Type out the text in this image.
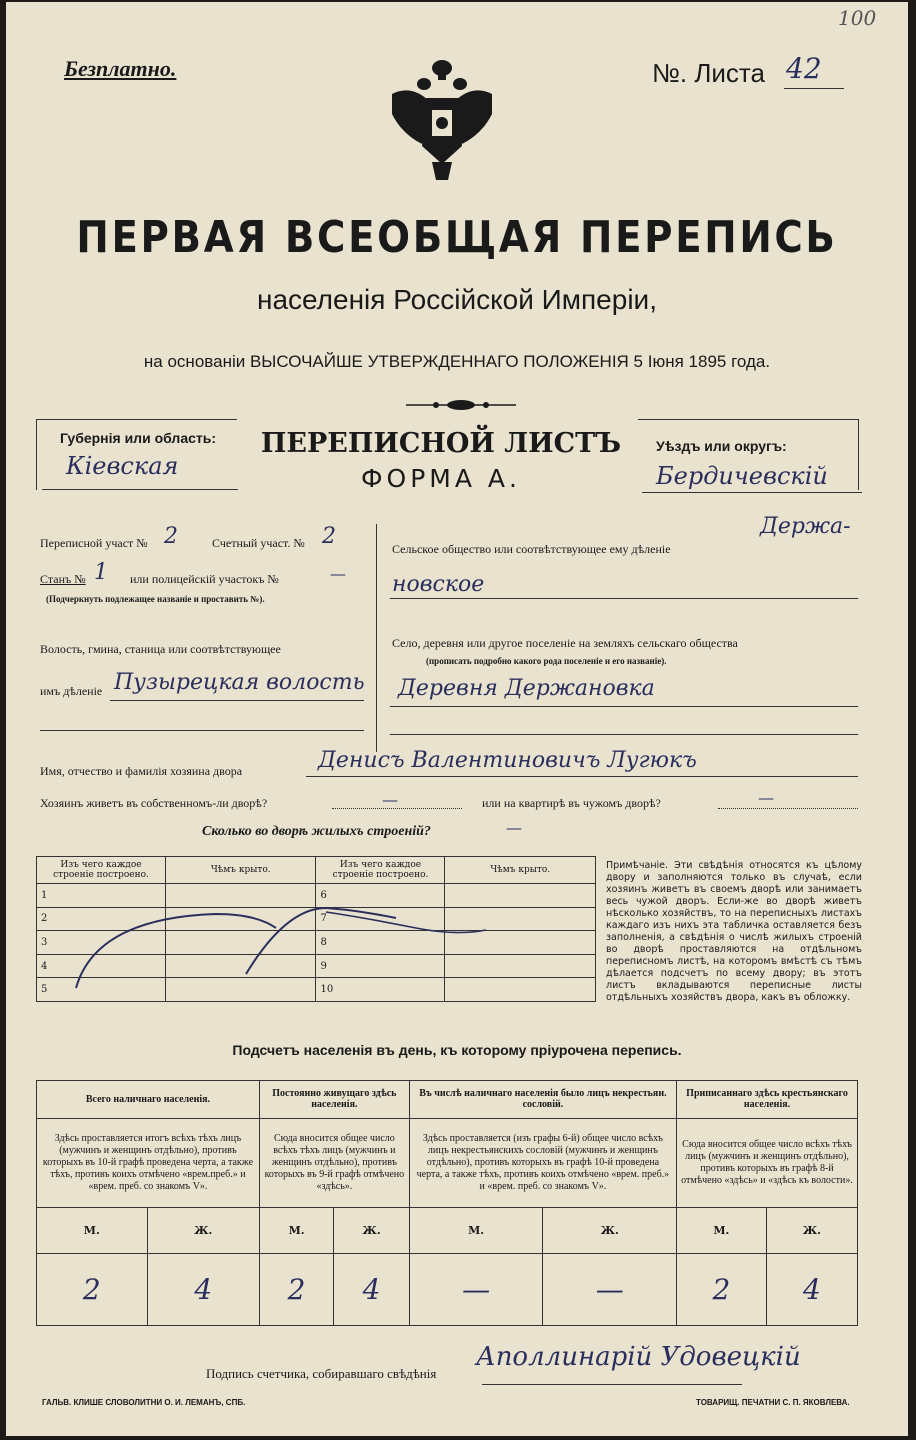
100
Безплатно.	№. Листа 42
ПЕРВАЯ ВСЕОБЩАЯ ПЕРЕПИСЬ
населенія Россійской Имперіи,
на основаніи ВЫСОЧАЙШЕ УТВЕРЖДЕННАГО ПОЛОЖЕНІЯ 5 Іюня 1895 года.
Губернія или область:
Кіевская
ПЕРЕПИСНОЙ ЛИСТЪ
ФОРМА А.
Уѣздъ или округъ:
Бердичевскій
Переписной участ № 2	Счетный участ. № 2
Станъ № 1 или полицейскій участокъ №	—
(Подчеркнуть подлежащее названіе и проставить №).
Волость, гмина, станица или соотвѣтствующее
имъ дѣленіе Пузырецкая волость
Сельское общество или соотвѣтствующее ему дѣленіе
Держа-
новское
Село, деревня или другое поселеніе на земляхъ сельскаго общества
(прописать подробно какого рода поселеніе и его названіе).
Деревня Держановка
Имя, отчество и фамилія хозяина двора	Денисъ Валентиновичъ Лугюкъ
Хозяинъ живетъ въ собственномъ-ли дворѣ?	—	или на квартирѣ въ чужомъ дворѣ?	—
Сколько во дворѣ жилыхъ строеній?	—
Изъ чего каждое строеніе построено.	Чѣмъ крыто.	Изъ чего каждое строеніе построено.	Чѣмъ крыто.
1		6	
2		7	
3		8	
4		9	
5		10	
Примѣчаніе. Эти свѣдѣнія относятся къ цѣлому двору и заполняются только въ случаѣ, если хозяинъ живетъ въ своемъ дворѣ или занимаетъ весь чужой дворъ. Если-же во дворѣ живетъ нѣсколько хозяйствъ, то на переписныхъ листахъ каждаго изъ нихъ эта табличка оставляется безъ заполненія, а свѣдѣнія о числѣ жилыхъ строеній во дворѣ проставляются на отдѣльномъ переписномъ листѣ, на которомъ вмѣстѣ съ тѣмъ дѣлается подсчетъ по всему двору; въ этотъ листъ вкладываются переписные листы отдѣльныхъ хозяйствъ двора, какъ въ обложку.
Подсчетъ населенія въ день, къ которому пріурочена перепись.
Всего наличнаго населенія.		Постоянно живущаго здѣсь населенія.		Въ числѣ наличнаго населенія было лицъ некрестьян. сословій.		Приписаннаго здѣсь крестьянскаго населенія.	
Здѣсь проставляется итогъ всѣхъ тѣхъ лицъ (мужчинъ и женщинъ отдѣльно), противъ которыхъ въ 10-й графѣ проведена черта, а также тѣхъ, противъ коихъ отмѣчено «врем.преб.» и «врем. преб. со знакомъ V».		Сюда вносится общее число всѣхъ тѣхъ лицъ (мужчинъ и женщинъ отдѣльно), противъ которыхъ въ 9-й графѣ отмѣчено «здѣсь».		Здѣсь проставляется (изъ графы 6-й) общее число всѣхъ лицъ некрестьянскихъ сословій (мужчинъ и женщинъ отдѣльно), противъ которыхъ въ графѣ 10-й проведена черта, а также тѣхъ, противъ коихъ отмѣчено «врем. преб.» и «врем. преб. со знакомъ V».		Сюда вносится общее число всѣхъ тѣхъ лицъ (мужчинъ и женщинъ отдѣльно), противъ которыхъ въ графѣ 8-й отмѣчено «здѣсь» и «здѣсь къ волости».	
М.	Ж.	М.	Ж.	М.	Ж.	М.	Ж.
2	4	2	4	—	—	2	4
Подпись счетчика, собиравшаго свѣдѣнія
Аполлинарій Удовецкій
ГАЛЬВ. КЛИШЕ СЛОВОЛИТНИ О. И. ЛЕМАНЪ, СПБ.	ТОВАРИЩ. ПЕЧАТНИ С. П. ЯКОВЛЕВА.
